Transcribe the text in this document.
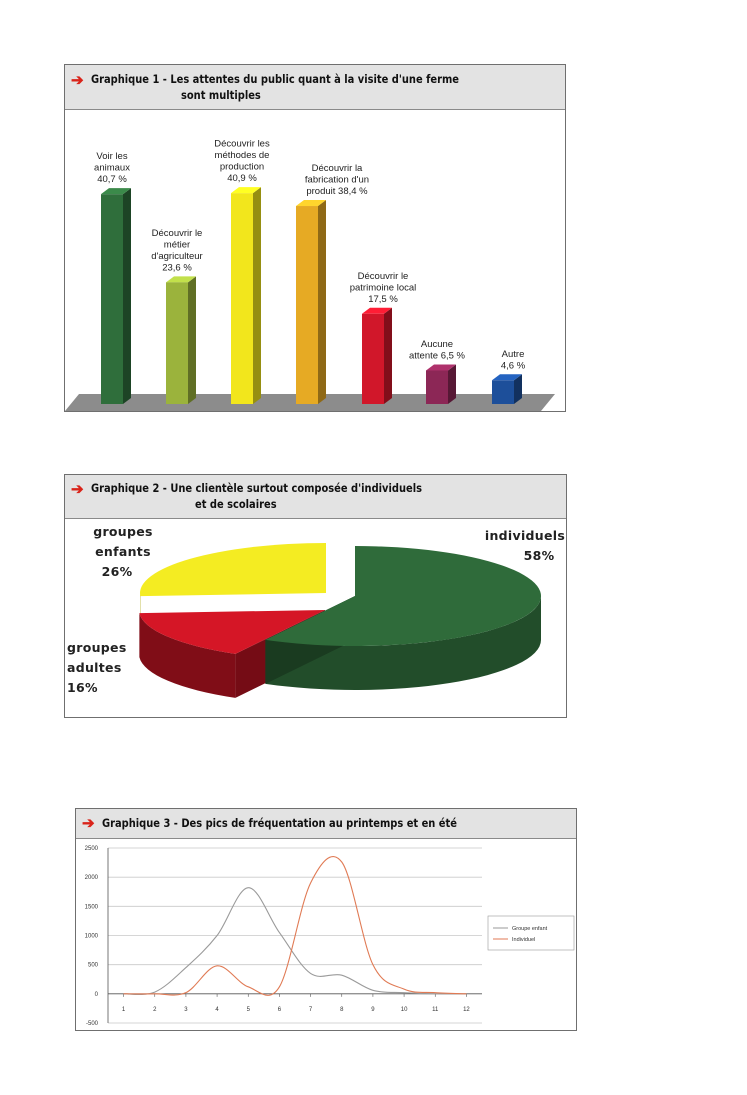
➔ Graphique 1 - Les attentes du public quant à la visite d'une ferme
sont multiples
Voir les animaux 40,7 %
Découvrir le métier d'agriculteur 23,6 %
Découvrir les méthodes de production 40,9 %
Découvrir la fabrication d'un produit 38,4 %
Découvrir le patrimoine local 17,5 %
Aucune attente 6,5 %	Autre 4,6 %
➔ Graphique 2 - Une clientèle surtout composée d'individuels
et de scolaires
individuels 58%
groupes adultes 16%
groupes enfants 26%
➔ Graphique 3 - Des pics de fréquentation au printemps et en été
-500
0
500
1000
1500
2000
2500
1	2	3	4	5	6	7	8	9	10	11	12
Groupe enfant
Individuel
